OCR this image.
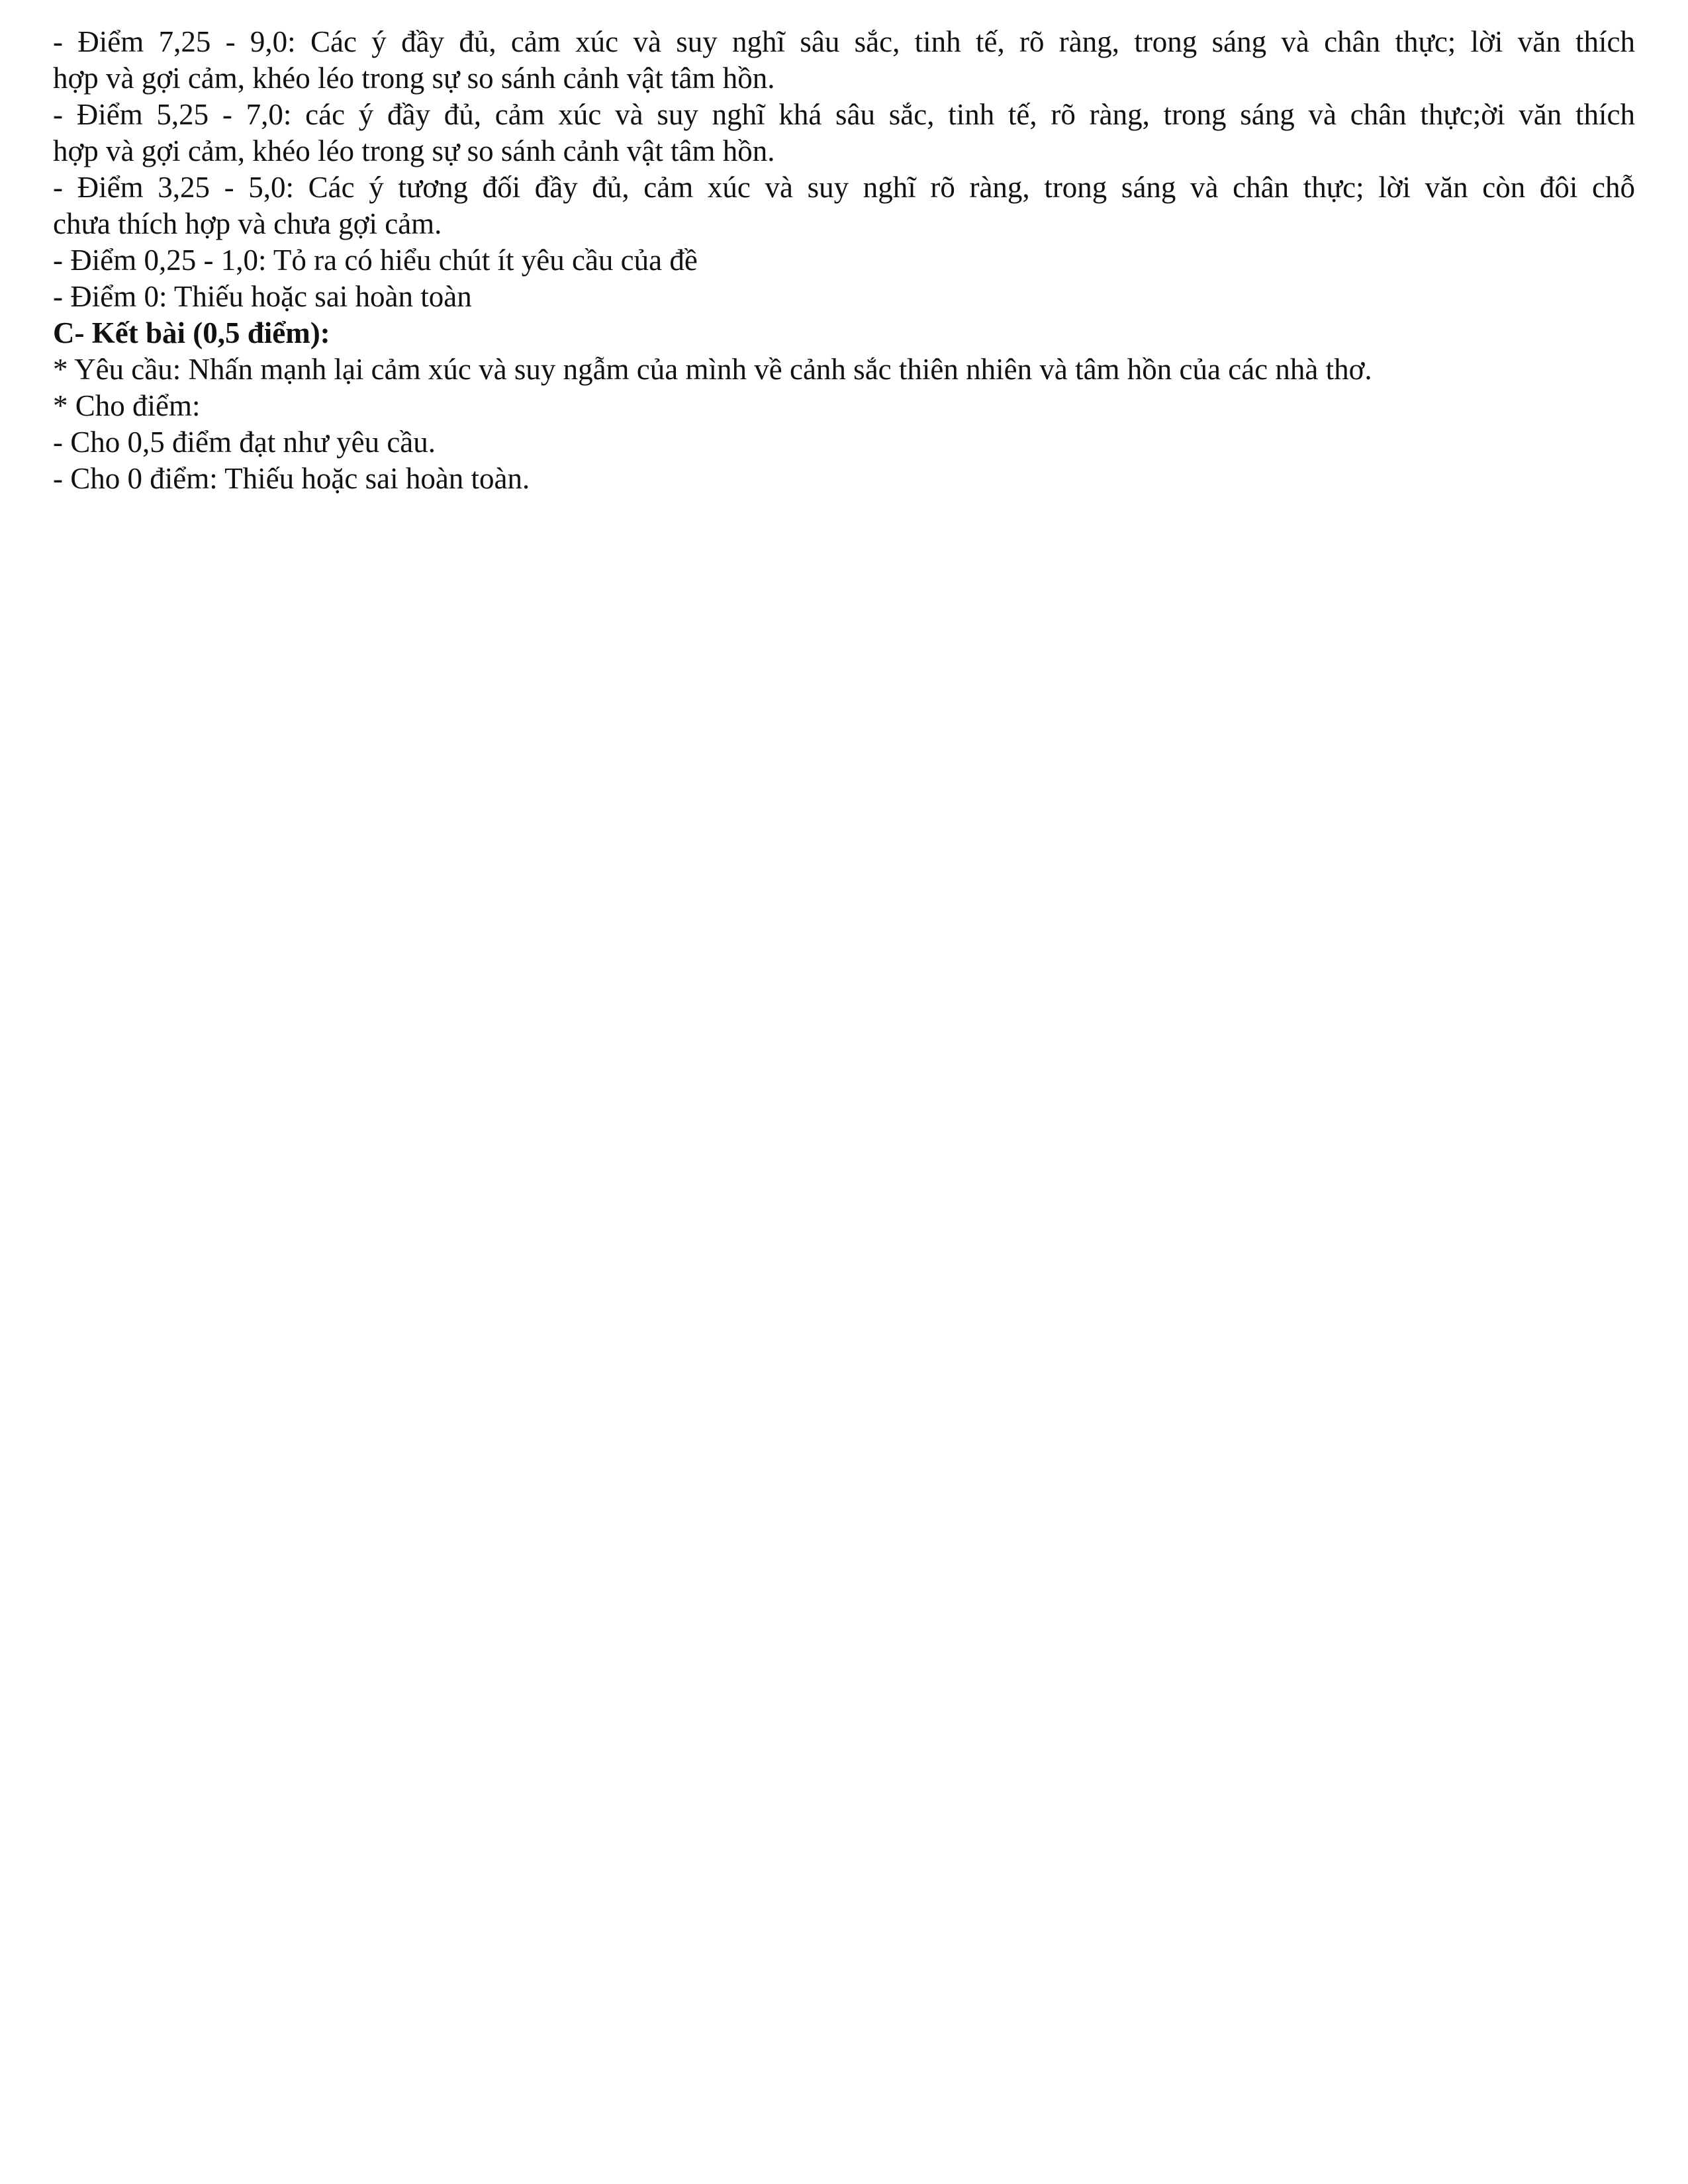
- Điểm 7,25 - 9,0: Các ý đầy đủ, cảm xúc và suy nghĩ sâu sắc, tinh tế, rõ ràng, trong sáng và chân thực; lời văn thích
hợp và gợi cảm, khéo léo trong sự so sánh cảnh vật tâm hồn.
- Điểm 5,25 - 7,0: các ý đầy đủ, cảm xúc và suy nghĩ khá sâu sắc, tinh tế, rõ ràng, trong sáng và chân thực;ời văn thích
hợp và gợi cảm, khéo léo trong sự so sánh cảnh vật tâm hồn.
- Điểm 3,25 - 5,0: Các ý tương đối đầy đủ, cảm xúc và suy nghĩ rõ ràng, trong sáng và chân thực; lời văn còn đôi chỗ
chưa thích hợp và chưa gợi cảm.
- Điểm 0,25 - 1,0: Tỏ ra có hiểu chút ít yêu cầu của đề
- Điểm 0: Thiếu hoặc sai hoàn toàn
C- Kết bài (0,5 điểm):
* Yêu cầu: Nhấn mạnh lại cảm xúc và suy ngẫm của mình về cảnh sắc thiên nhiên và tâm hồn của các nhà thơ.
* Cho điểm:
- Cho 0,5 điểm đạt như yêu cầu.
- Cho 0 điểm: Thiếu hoặc sai hoàn toàn.
